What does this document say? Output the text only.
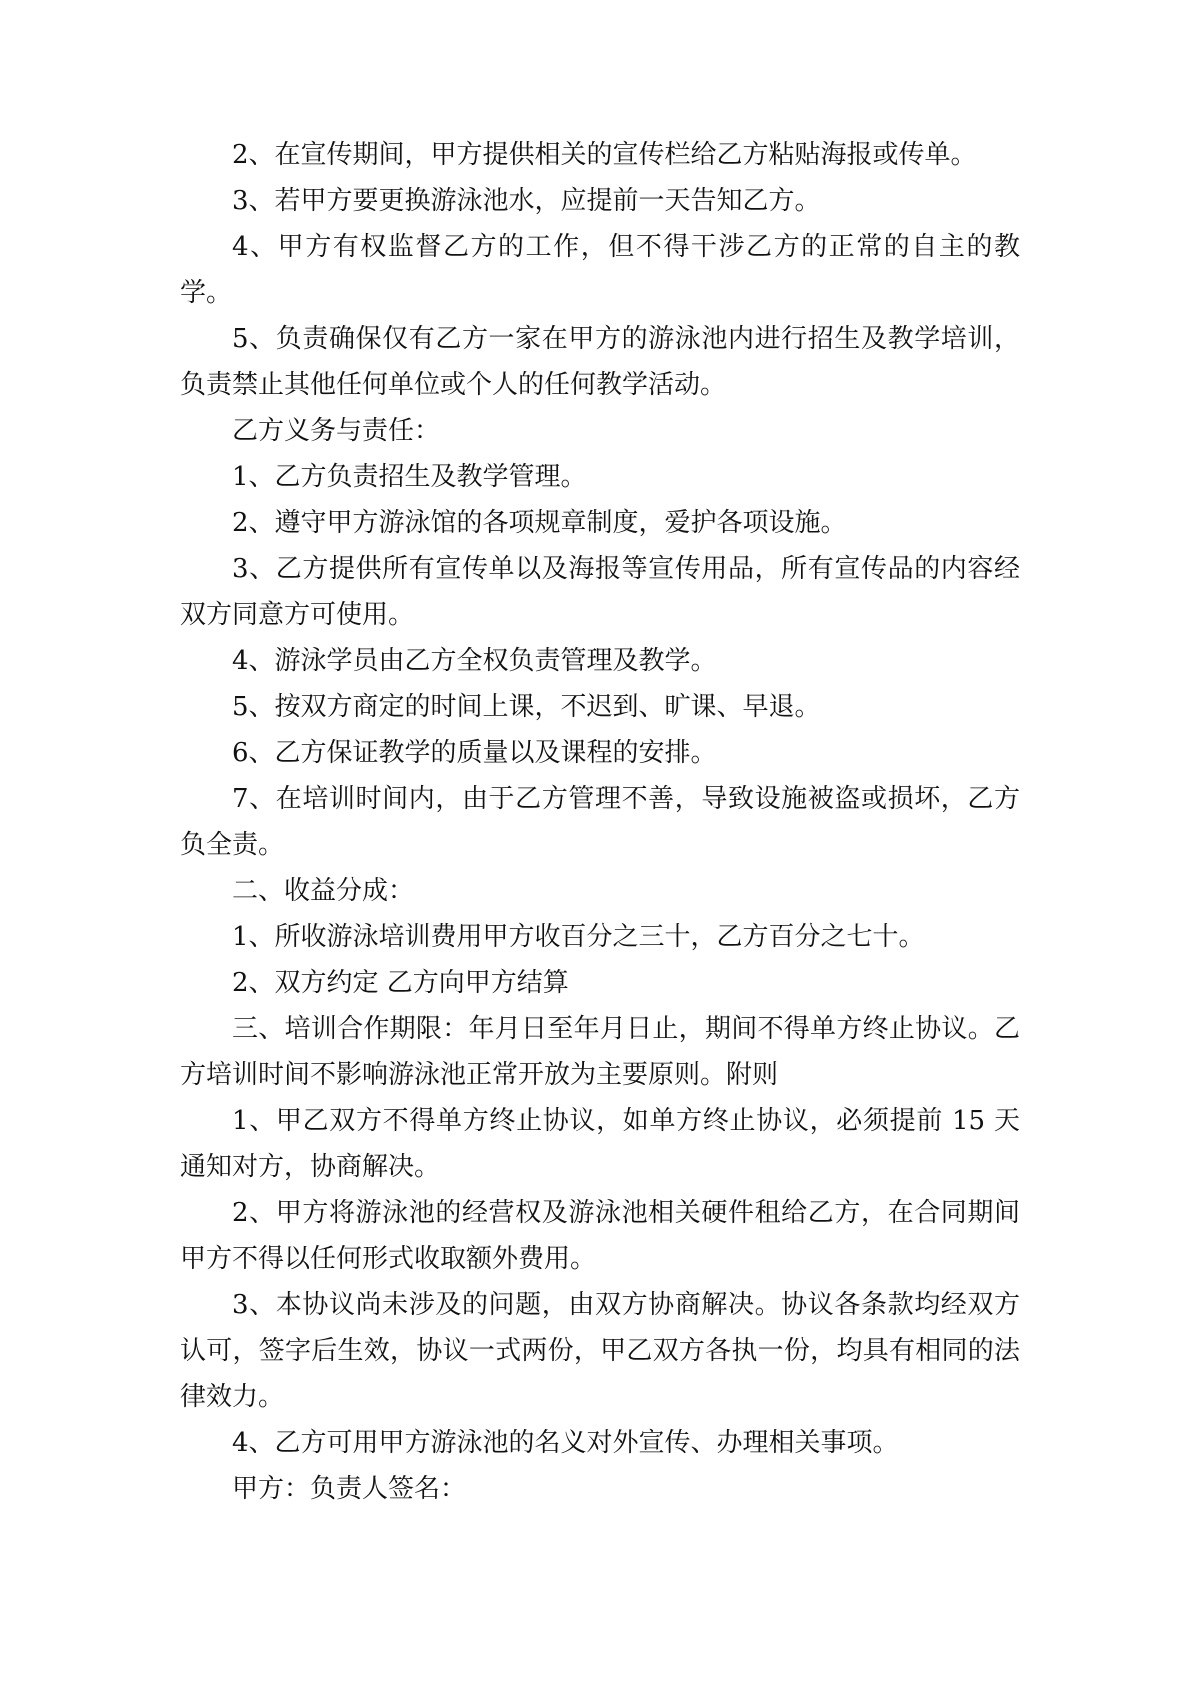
2、在宣传期间，甲方提供相关的宣传栏给乙方粘贴海报或传单。

3、若甲方要更换游泳池水，应提前一天告知乙方。

4、甲方有权监督乙方的工作，但不得干涉乙方的正常的自主的教学。

5、负责确保仅有乙方一家在甲方的游泳池内进行招生及教学培训，负责禁止其他任何单位或个人的任何教学活动。

乙方义务与责任：

1、乙方负责招生及教学管理。

2、遵守甲方游泳馆的各项规章制度，爱护各项设施。

3、乙方提供所有宣传单以及海报等宣传用品，所有宣传品的内容经双方同意方可使用。

4、游泳学员由乙方全权负责管理及教学。

5、按双方商定的时间上课，不迟到、旷课、早退。

6、乙方保证教学的质量以及课程的安排。

7、在培训时间内，由于乙方管理不善，导致设施被盗或损坏，乙方负全责。

二、收益分成：

1、所收游泳培训费用甲方收百分之三十，乙方百分之七十。

2、双方约定 乙方向甲方结算

三、培训合作期限：年月日至年月日止，期间不得单方终止协议。乙方培训时间不影响游泳池正常开放为主要原则。附则

1、甲乙双方不得单方终止协议，如单方终止协议，必须提前 15 天通知对方，协商解决。

2、甲方将游泳池的经营权及游泳池相关硬件租给乙方，在合同期间甲方不得以任何形式收取额外费用。

3、本协议尚未涉及的问题，由双方协商解决。协议各条款均经双方认可，签字后生效，协议一式两份，甲乙双方各执一份，均具有相同的法律效力。

4、乙方可用甲方游泳池的名义对外宣传、办理相关事项。

甲方：负责人签名：
